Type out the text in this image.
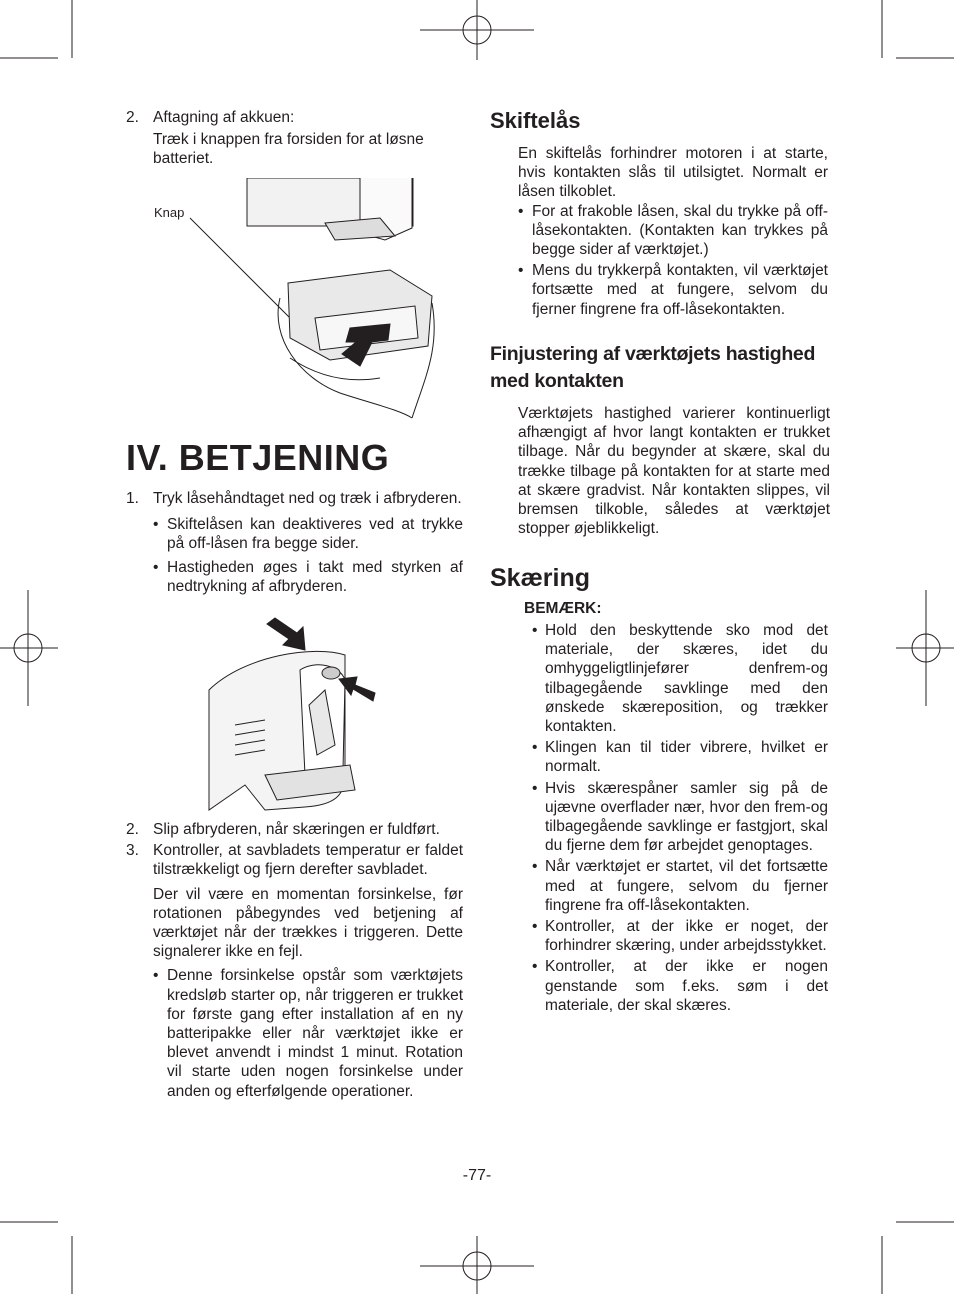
2. Aftagning af akkuen:

Træk i knappen fra forsiden for at løsne batteriet.

Knap
IV. BETJENING
1. Tryk låsehåndtaget ned og træk i afbryderen.

• Skiftelåsen kan deaktiveres ved at trykke på off-låsen fra begge sider.

• Hastigheden øges i takt med styrken af nedtrykning af afbryderen.

2. Slip afbryderen, når skæringen er fuldført.

3. Kontroller, at savbladets temperatur er faldet tilstrækkeligt og fjern derefter savbladet.

Der vil være en momentan forsinkelse, før rotationen påbegyndes ved betjening af værktøjet når der trækkes i triggeren. Dette signalerer ikke en fejl.

• Denne forsinkelse opstår som værktøjets kredsløb starter op, når triggeren er trukket for første gang efter installation af en ny batteripakke eller når værktøjet ikke er blevet anvendt i mindst 1 minut. Rotation vil starte uden nogen forsinkelse under anden og efterfølgende operationer.

Skiftelås

En skiftelås forhindrer motoren i at starte, hvis kontakten slås til utilsigtet. Normalt er låsen tilkoblet.

• For at frakoble låsen, skal du trykke på off-låsekontakten. (Kontakten kan trykkes på begge sider af værktøjet.)

• Mens du trykkerpå kontakten, vil værktøjet fortsætte med at fungere, selvom du fjerner fingrene fra off-låsekontakten.

Finjustering af værktøjets hastighed med kontakten

Værktøjets hastighed varierer kontinuerligt afhængigt af hvor langt kontakten er trukket tilbage. Når du begynder at skære, skal du trække tilbage på kontakten for at starte med at skære gradvist. Når kontakten slippes, vil bremsen tilkoble, således at værktøjet stopper øjeblikkeligt.

Skæring
BEMÆRK:
• Hold den beskyttende sko mod det materiale, der skæres, idet du omhyggeligtlinjefører denfrem-og tilbagegående savklinge med den ønskede skæreposition, og trækker kontakten.

• Klingen kan til tider vibrere, hvilket er normalt.

• Hvis skærespåner samler sig på de ujævne overflader nær, hvor den frem-og tilbagegående savklinge er fastgjort, skal du fjerne dem før arbejdet genoptages.

• Når værktøjet er startet, vil det fortsætte med at fungere, selvom du fjerner fingrene fra off-låsekontakten.

• Kontroller, at der ikke er noget, der forhindrer skæring, under arbejdsstykket.

• Kontroller, at der ikke er nogen genstande som f.eks. søm i det materiale, der skal skæres.

-77-
